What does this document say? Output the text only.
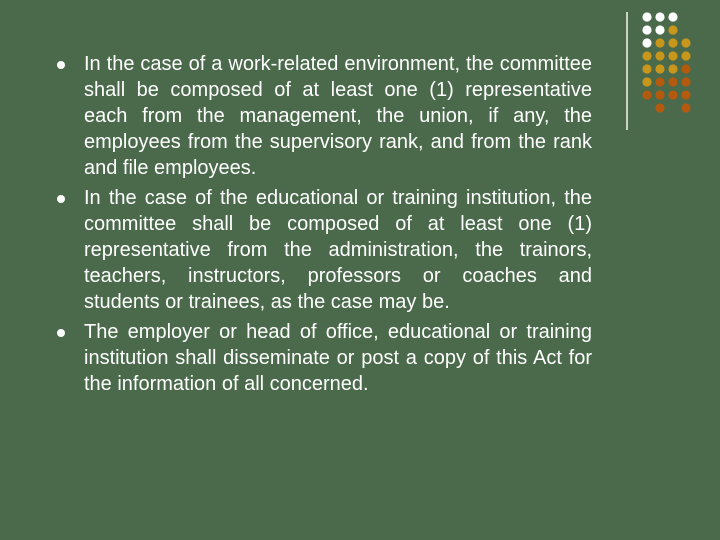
In the case of a work-related environment, the committee shall be composed of at least one (1) representative each from the management, the union, if any, the employees from the supervisory rank, and from the rank and file employees.
In the case of the educational or training institution, the committee shall be composed of at least one (1) representative from the administration, the trainors, teachers, instructors, professors or coaches and students or trainees, as the case may be.
The employer or head of office, educational or training institution shall disseminate or post a copy of this Act for the information of all concerned.
